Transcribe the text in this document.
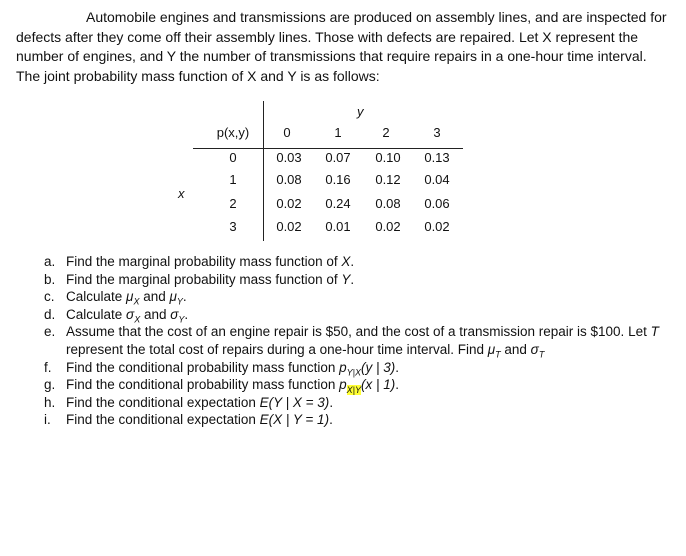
Automobile engines and transmissions are produced on assembly lines, and are inspected for defects after they come off their assembly lines. Those with defects are repaired. Let X represent the number of engines, and Y the number of transmissions that require repairs in a one-hour time interval. The joint probability mass function of X and Y is as follows:

y
p(x,y)
x
0	1	2	3
0	0.03	0.07	0.10	0.13
1	0.08	0.16	0.12	0.04
2	0.02	0.24	0.08	0.06
3	0.02	0.01	0.02	0.02
a. Find the marginal probability mass function of X.
b. Find the marginal probability mass function of Y.
c. Calculate $\mu_X$ and $\mu_Y$.
d. Calculate $\sigma_X$ and $\sigma_Y$.
e. Assume that the cost of an engine repair is $50, and the cost of a transmission repair is $100. Let T represent the total cost of repairs during a one-hour time interval. Find $\mu_T$ and $\sigma_T$
f.	Find the conditional probability mass function $p_{Y|X}(y$ | 3).
g. Find the conditional probability mass function $p_{X|Y}(x$ | 1).
h. Find the conditional expectation E(Y | X = 3).
i.	Find the conditional expectation E(X | Y = 1).
